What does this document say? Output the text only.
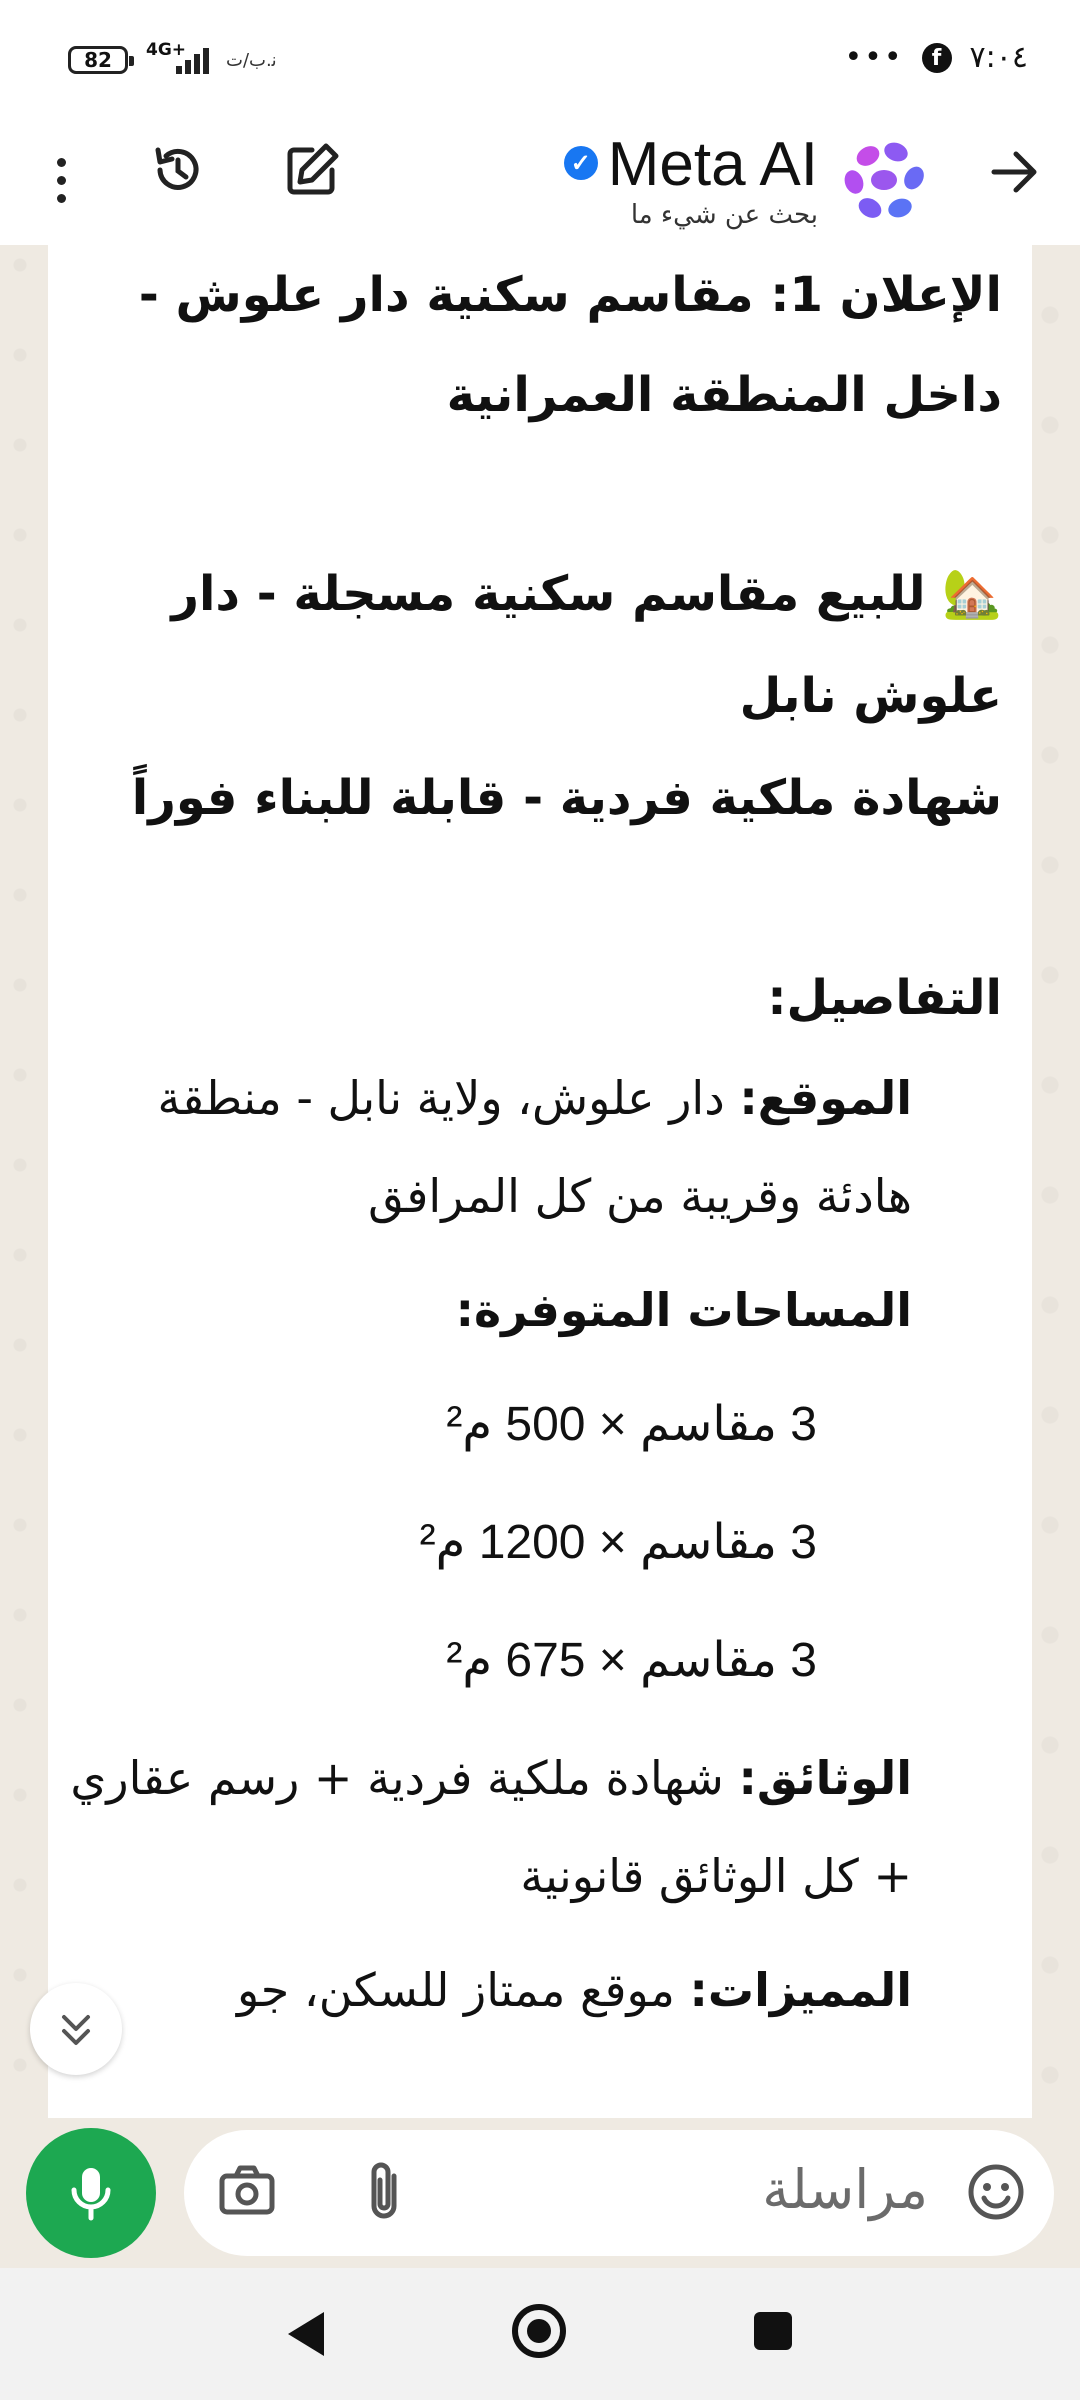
82	4G+ ﻧ.ﺏ/ﺕ	•••	f ٧:٠٤
✓ Meta AI
بحث عن شيء ما

الإعلان 1: مقاسم سكنية دار علوش -

داخل المنطقة العمرانية

🏡 للبيع مقاسم سكنية مسجلة - دار

علوش نابل

شهادة ملكية فردية - قابلة للبناء فوراً

التفاصيل:

الموقع: دار علوش، ولاية نابل - منطقة هادئة وقريبة من كل المرافق
المساحات المتوفرة:
3 مقاسم × 500 م²
3 مقاسم × 1200 م²
3 مقاسم × 675 م²
الوثائق: شهادة ملكية فردية + رسم عقاري + كل الوثائق قانونية
المميزات: موقع ممتاز للسكن، جو
مراسلة
